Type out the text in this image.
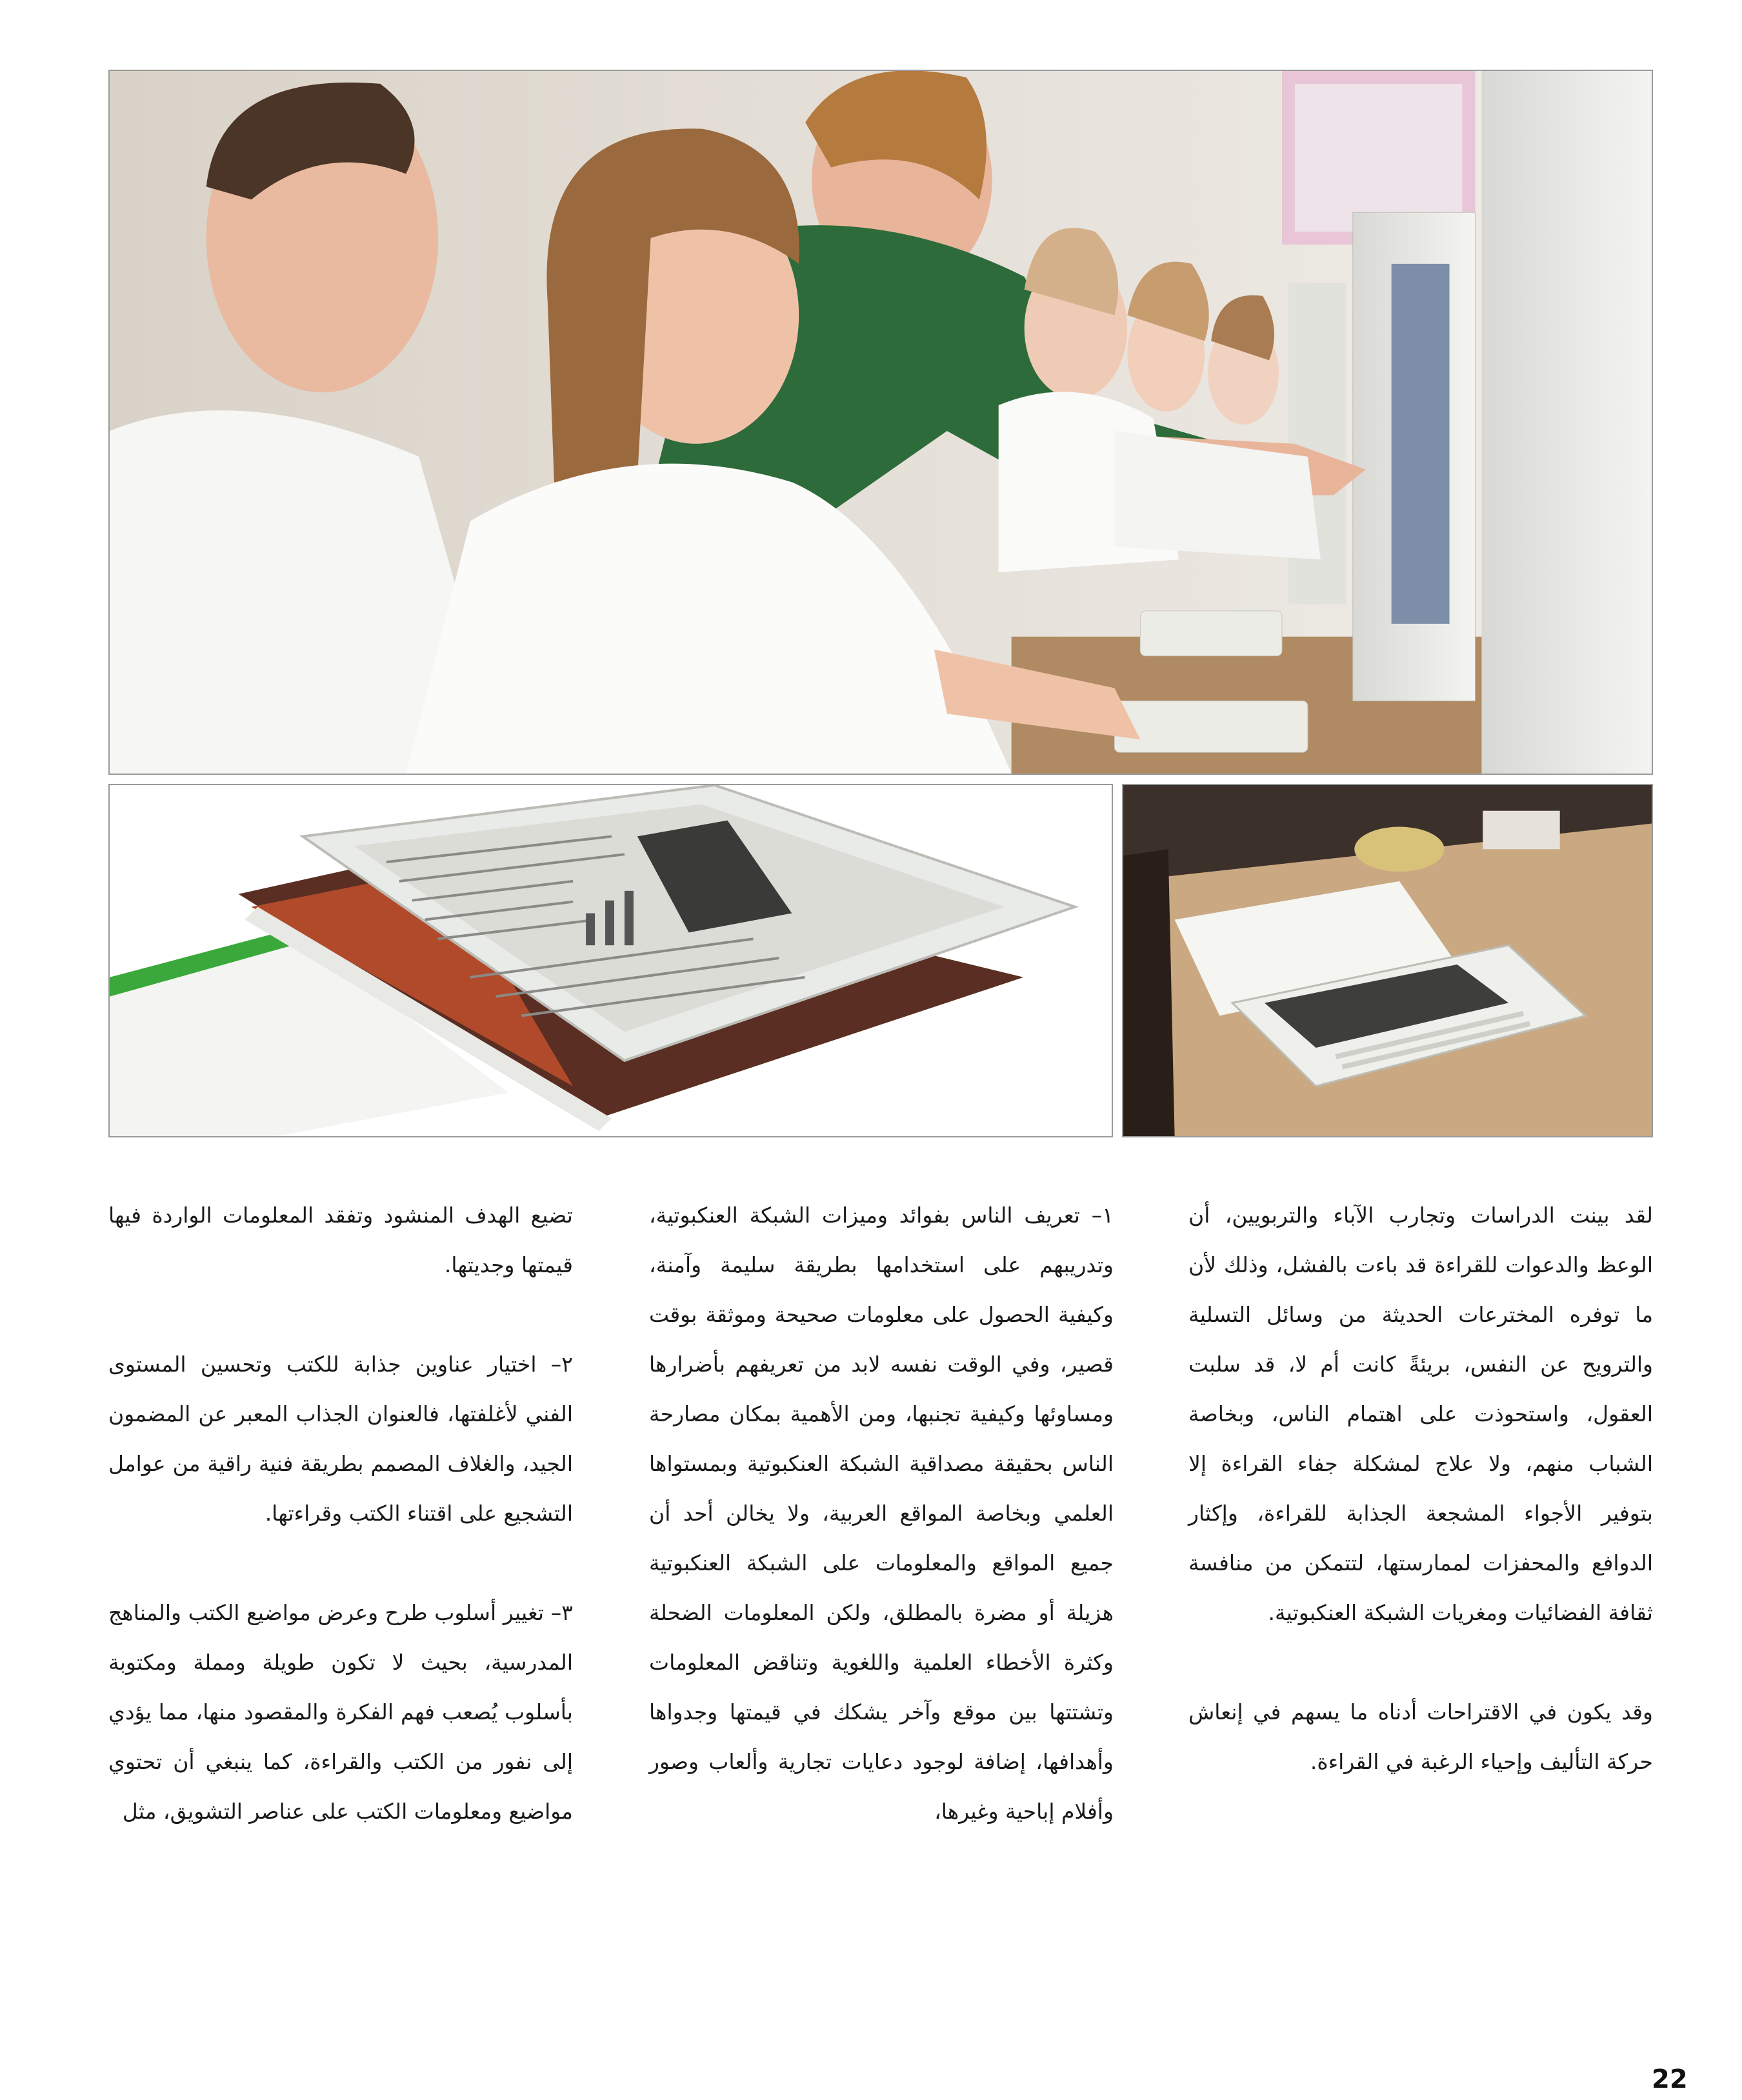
لقد بينت الدراسات وتجارب الآباء والتربويين، أن الوعظ والدعوات للقراءة قد باءت بالفشل، وذلك لأن ما توفره المخترعات الحديثة من وسائل التسلية والترويح عن النفس، بريئةً كانت أم لا، قد سلبت العقول، واستحوذت على اهتمام الناس، وبخاصة الشباب منهم، ولا علاج لمشكلة جفاء القراءة إلا بتوفير الأجواء المشجعة الجذابة للقراءة، وإكثار الدوافع والمحفزات لممارستها، لتتمكن من منافسة ثقافة الفضائيات ومغريات الشبكة العنكبوتية.

وقد يكون في الاقتراحات أدناه ما يسهم في إنعاش حركة التأليف وإحياء الرغبة في القراءة.

١– تعريف الناس بفوائد وميزات الشبكة العنكبوتية، وتدريبهم على استخدامها بطريقة سليمة وآمنة، وكيفية الحصول على معلومات صحيحة وموثقة بوقت قصير، وفي الوقت نفسه لابد من تعريفهم بأضرارها ومساوئها وكيفية تجنبها، ومن الأهمية بمكان مصارحة الناس بحقيقة مصداقية الشبكة العنكبوتية وبمستواها العلمي وبخاصة المواقع العربية، ولا يخالن أحد أن جميع المواقع والمعلومات على الشبكة العنكبوتية هزيلة أو مضرة بالمطلق، ولكن المعلومات الضحلة وكثرة الأخطاء العلمية واللغوية وتناقض المعلومات وتشتتها بين موقع وآخر يشكك في قيمتها وجدواها وأهدافها، إضافة لوجود دعايات تجارية وألعاب وصور وأفلام إباحية وغيرها،

تضيع الهدف المنشود وتفقد المعلومات الواردة فيها قيمتها وجديتها.

٢– اختيار عناوين جذابة للكتب وتحسين المستوى الفني لأغلفتها، فالعنوان الجذاب المعبر عن المضمون الجيد، والغلاف المصمم بطريقة فنية راقية من عوامل التشجيع على اقتناء الكتب وقراءتها.

٣– تغيير أسلوب طرح وعرض مواضيع الكتب والمناهج المدرسية، بحيث لا تكون طويلة ومملة ومكتوبة بأسلوب يُصعب فهم الفكرة والمقصود منها، مما يؤدي إلى نفور من الكتب والقراءة، كما ينبغي أن تحتوي مواضيع ومعلومات الكتب على عناصر التشويق، مثل

22
